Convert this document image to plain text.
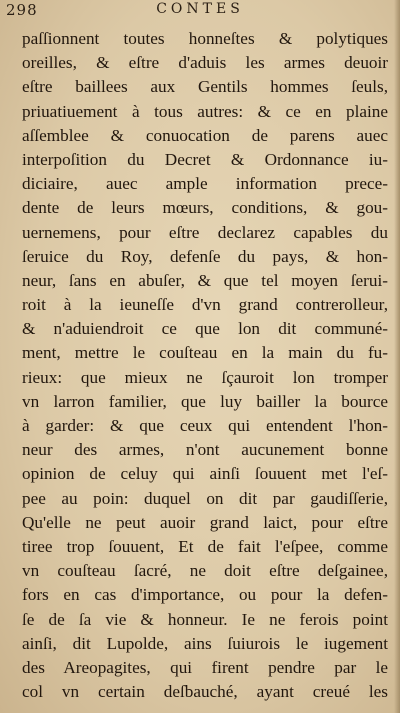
298	CONTES
paſſionnent toutes honneſtes & polytiques
oreilles, & eſtre d'aduis les armes deuoir
eſtre baillees aux Gentils hommes ſeuls,
priuatiuement à tous autres: & ce en plaine
aſſemblee & conuocation de parens auec
interpoſition du Decret & Ordonnance iu-
diciaire, auec ample information prece-
dente de leurs mœurs, conditions, & gou-
uernemens, pour eſtre declarez capables du
ſeruice du Roy, defenſe du pays, & hon-
neur, ſans en abuſer, & que tel moyen ſerui-
roit à la ieuneſſe d'vn grand contrerolleur,
& n'aduiendroit ce que lon dit communé-
ment, mettre le couſteau en la main du fu-
rieux: que mieux ne ſçauroit lon tromper
vn larron familier, que luy bailler la bource
à garder: & que ceux qui entendent l'hon-
neur des armes, n'ont aucunement bonne
opinion de celuy qui ainſi ſouuent met l'eſ-
pee au poin: duquel on dit par gaudiſſerie,
Qu'elle ne peut auoir grand laict, pour eſtre
tiree trop ſouuent, Et de fait l'eſpee, comme
vn couſteau ſacré, ne doit eſtre deſgainee,
fors en cas d'importance, ou pour la defen-
ſe de ſa vie & honneur. Ie ne ferois point
ainſi, dit Lupolde, ains ſuiurois le iugement
des Areopagites, qui firent pendre par le
col vn certain deſbauché, ayant creué les
